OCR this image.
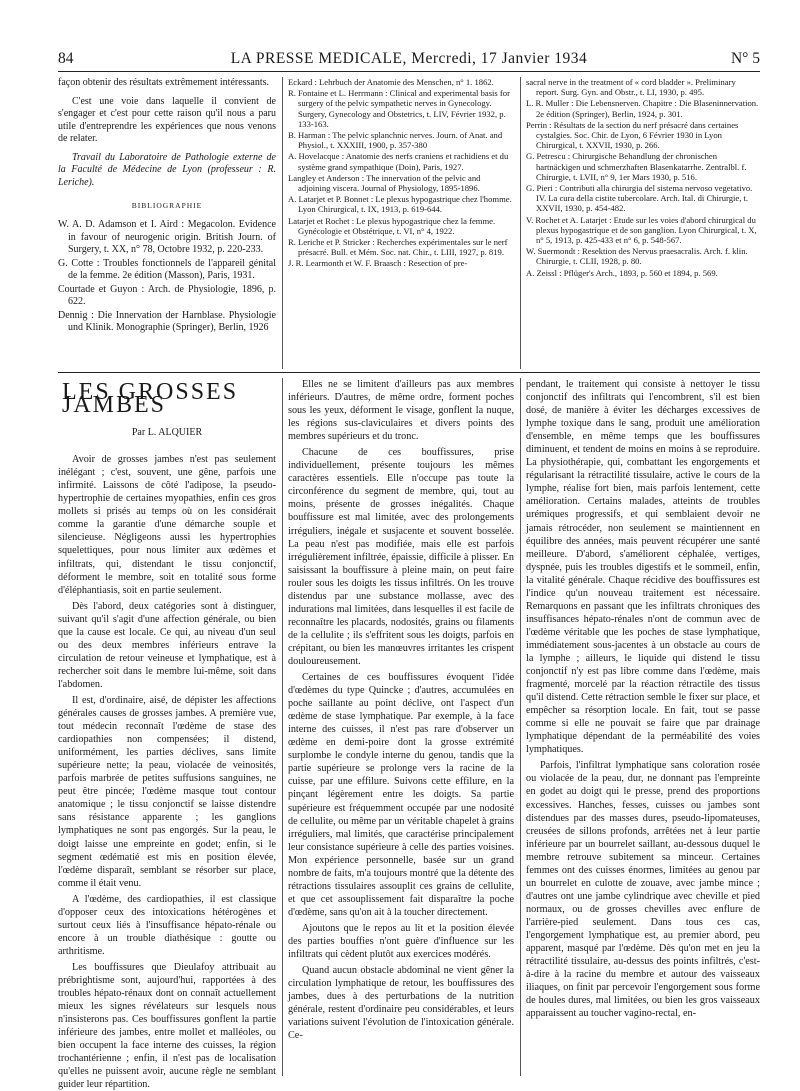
84	LA PRESSE MEDICALE, Mercredi, 17 Janvier 1934	N° 5

façon obtenir des résultats extrêmement intéressants.

C'est une voie dans laquelle il convient de s'engager et c'est pour cette raison qu'il nous a paru utile d'entreprendre les expériences que nous venons de relater.

Travail du Laboratoire de Pathologie externe de la Faculté de Médecine de Lyon (professeur : R. Leriche).

BIBLIOGRAPHIE

W. A. D. Adamson et I. Aird : Megacolon. Evidence in favour of neurogenic origin. British Journ. of Surgery, t. XX, n° 78, Octobre 1932, p. 220-233.

G. Cotte : Troubles fonctionnels de l'appareil génital de la femme. 2e édition (Masson), Paris, 1931.

Courtade et Guyon : Arch. de Physiologie, 1896, p. 622.

Dennig : Die Innervation der Harnblase. Physiologie und Klinik. Monographie (Springer), Berlin, 1926

Eckard : Lehrbuch der Anatomie des Menschen, n° 1. 1862.

R. Fontaine et L. Herrmann : Clinical and experimental basis for surgery of the pelvic sympathetic nerves in Gynecology. Surgery, Gynecology and Obstetrics, t. LIV, Février 1932, p. 133-163.

B. Harman : The pelvic splanchnic nerves. Journ. of Anat. and Physiol., t. XXXIII, 1900, p. 357-380

A. Hovelacque : Anatomie des nerfs craniens et rachidiens et du système grand sympathique (Doin), Paris, 1927.

Langley et Anderson : The innervation of the pelvic and adjoining viscera. Journal of Physiology, 1895-1896.

A. Latarjet et P. Bonnet : Le plexus hypogastrique chez l'homme. Lyon Chirurgical, t. IX, 1913, p. 619-644.

Latarjet et Rochet : Le plexus hypogastrique chez la femme. Gynécologie et Obstétrique, t. VI, n° 4, 1922.

R. Leriche et P. Stricker : Recherches expérimentales sur le nerf présacré. Bull. et Mém. Soc. nat. Chir., t. LIII, 1927, p. 819.

J. R. Learmonth et W. F. Braasch : Resection of pre-

sacral nerve in the treatment of « cord bladder ». Preliminary report. Surg. Gyn. and Obstr., t. LI, 1930, p. 495.

L. R. Muller : Die Lebensnerven. Chapitre : Die Blaseninnervation. 2e édition (Springer), Berlin, 1924, p. 301.

Perrin : Résultats de la section du nerf présacré dans certaines cystalgies. Soc. Chir. de Lyon, 6 Février 1930 in Lyon Chirurgical, t. XXVII, 1930, p. 266.

G. Petrescu : Chirurgische Behandlung der chronischen hartnäckigen und schmerzhaften Blasenkatarrhe. Zentralbl. f. Chirurgie, t. LVII, n° 9, 1er Mars 1930, p. 516.

G. Pieri : Contributi alla chirurgia del sistema nervoso vegetativo. IV. La cura della cistite tubercolare. Arch. Ital. di Chirurgie, t. XXVII, 1930, p. 454-482.

V. Rochet et A. Latarjet : Etude sur les voies d'abord chirurgical du plexus hypogastrique et de son ganglion. Lyon Chirurgical, t. X, n° 5, 1913, p. 425-433 et n° 6, p. 548-567.

W. Suermondt : Resektion des Nervus praesacralis. Arch. f. klin. Chirurgie, t. CLII, 1928, p. 80.

A. Zeissl : Pflüger's Arch., 1893, p. 560 et 1894, p. 569.

LES GROSSES JAMBES
Par L. ALQUIER

Avoir de grosses jambes n'est pas seulement inélégant ; c'est, souvent, une gêne, parfois une infirmité. Laissons de côté l'adipose, la pseudo-hypertrophie de certaines myopathies, enfin ces gros mollets si prisés au temps où on les considérait comme la garantie d'une démarche souple et silencieuse. Négligeons aussi les hypertrophies squelettiques, pour nous limiter aux œdèmes et infiltrats, qui, distendant le tissu conjonctif, déforment le membre, soit en totalité sous forme d'éléphantiasis, soit en partie seulement.

Dès l'abord, deux catégories sont à distinguer, suivant qu'il s'agit d'une affection générale, ou bien que la cause est locale. Ce qui, au niveau d'un seul ou des deux membres inférieurs entrave la circulation de retour veineuse et lymphatique, est à rechercher soit dans le membre lui-même, soit dans l'abdomen.

Il est, d'ordinaire, aisé, de dépister les affections générales causes de grosses jambes. A première vue, tout médecin reconnaît l'œdème de stase des cardiopathies non compensées; il distend, uniformément, les parties déclives, sans limite supérieure nette; la peau, violacée de veinosités, parfois marbrée de petites suffusions sanguines, ne peut être pincée; l'œdème masque tout contour anatomique ; le tissu conjonctif se laisse distendre sans résistance apparente ; les ganglions lymphatiques ne sont pas engorgés. Sur la peau, le doigt laisse une empreinte en godet; enfin, si le segment œdématié est mis en position élevée, l'œdème disparaît, semblant se résorber sur place, comme il était venu.

A l'œdème, des cardiopathies, il est classique d'opposer ceux des intoxications hétérogènes et surtout ceux liés à l'insuffisance hépato-rénale ou encore à un trouble diathésique : goutte ou arthritisme.

Les bouffissures que Dieulafoy attribuait au prébrightisme sont, aujourd'hui, rapportées à des troubles hépato-rénaux dont on connaît actuellement mieux les signes révélateurs sur lesquels nous n'insisterons pas. Ces bouffissures gonflent la partie inférieure des jambes, entre mollet et malléoles, ou bien occupent la face interne des cuisses, la région trochantérienne ; enfin, il n'est pas de localisation qu'elles ne puissent avoir, aucune règle ne semblant guider leur répartition.

Elles ne se limitent d'ailleurs pas aux membres inférieurs. D'autres, de même ordre, forment poches sous les yeux, déforment le visage, gonflent la nuque, les régions sus-claviculaires et divers points des membres supérieurs et du tronc.

Chacune de ces bouffissures, prise individuellement, présente toujours les mêmes caractères essentiels. Elle n'occupe pas toute la circonférence du segment de membre, qui, tout au moins, présente de grosses inégalités. Chaque bouffissure est mal limitée, avec des prolongements irréguliers, inégale et susjacente et souvent bosselée. La peau n'est pas modifiée, mais elle est parfois irrégulièrement infiltrée, épaissie, difficile à plisser. En saisissant la bouffissure à pleine main, on peut faire rouler sous les doigts les tissus infiltrés. On les trouve distendus par une substance mollasse, avec des indurations mal limitées, dans lesquelles il est facile de reconnaître les placards, nodosités, grains ou filaments de la cellulite ; ils s'effritent sous les doigts, parfois en crépitant, ou bien les manœuvres irritantes les crispent douloureusement.

Certaines de ces bouffissures évoquent l'idée d'œdèmes du type Quincke ; d'autres, accumulées en poche saillante au point déclive, ont l'aspect d'un œdème de stase lymphatique. Par exemple, à la face interne des cuisses, il n'est pas rare d'observer un œdème en demi-poire dont la grosse extrémité surplombe le condyle interne du genou, tandis que la partie supérieure se prolonge vers la racine de la cuisse, par une effilure. Suivons cette effilure, en la pinçant légèrement entre les doigts. Sa partie supérieure est fréquemment occupée par une nodosité de cellulite, ou même par un véritable chapelet à grains irréguliers, mal limités, que caractérise principalement leur consistance supérieure à celle des parties voisines. Mon expérience personnelle, basée sur un grand nombre de faits, m'a toujours montré que la détente des rétractions tissulaires assouplit ces grains de cellulite, et que cet assouplissement fait disparaître la poche d'œdème, sans qu'on ait à la toucher directement.

Ajoutons que le repos au lit et la position élevée des parties bouffies n'ont guère d'influence sur les infiltrats qui cèdent plutôt aux exercices modérés.

Quand aucun obstacle abdominal ne vient gêner la circulation lymphatique de retour, les bouffissures des jambes, dues à des perturbations de la nutrition générale, restent d'ordinaire peu considérables, et leurs variations suivent l'évolution de l'intoxication générale. Ce-

pendant, le traitement qui consiste à nettoyer le tissu conjonctif des infiltrats qui l'encombrent, s'il est bien dosé, de manière à éviter les décharges excessives de lymphe toxique dans le sang, produit une amélioration d'ensemble, en même temps que les bouffissures diminuent, et tendent de moins en moins à se reproduire. La physiothérapie, qui, combattant les engorgements et régularisant la rétractilité tissulaire, active le cours de la lymphe, réalise fort bien, mais parfois lentement, cette amélioration. Certains malades, atteints de troubles urémiques progressifs, et qui semblaient devoir ne jamais rétrocéder, non seulement se maintiennent en équilibre des années, mais peuvent récupérer une santé meilleure. D'abord, s'améliorent céphalée, vertiges, dyspnée, puis les troubles digestifs et le sommeil, enfin, la vitalité générale. Chaque récidive des bouffissures est l'indice qu'un nouveau traitement est nécessaire. Remarquons en passant que les infiltrats chroniques des insuffisances hépato-rénales n'ont de commun avec de l'œdème véritable que les poches de stase lymphatique, immédiatement sous-jacentes à un obstacle au cours de la lymphe ; ailleurs, le liquide qui distend le tissu conjonctif n'y est pas libre comme dans l'œdème, mais fragmenté, morcelé par la réaction rétractile des tissus qu'il distend. Cette rétraction semble le fixer sur place, et empêcher sa résorption locale. En fait, tout se passe comme si elle ne pouvait se faire que par drainage lymphatique dépendant de la perméabilité des voies lymphatiques.

Parfois, l'infiltrat lymphatique sans coloration rosée ou violacée de la peau, dur, ne donnant pas l'empreinte en godet au doigt qui le presse, prend des proportions excessives. Hanches, fesses, cuisses ou jambes sont distendues par des masses dures, pseudo-lipomateuses, creusées de sillons profonds, arrêtées net à leur partie inférieure par un bourrelet saillant, au-dessous duquel le membre retrouve subitement sa minceur. Certaines femmes ont des cuisses énormes, limitées au genou par un bourrelet en culotte de zouave, avec jambe mince ; d'autres ont une jambe cylindrique avec cheville et pied normaux, ou de grosses chevilles avec enflure de l'arrière-pied seulement. Dans tous ces cas, l'engorgement lymphatique est, au premier abord, peu apparent, masqué par l'œdème. Dès qu'on met en jeu la rétractilité tissulaire, au-dessus des points infiltrés, c'est-à-dire à la racine du membre et autour des vaisseaux iliaques, on finit par percevoir l'engorgement sous forme de houles dures, mal limitées, ou bien les gros vaisseaux apparaissent au toucher vagino-rectal, en-
